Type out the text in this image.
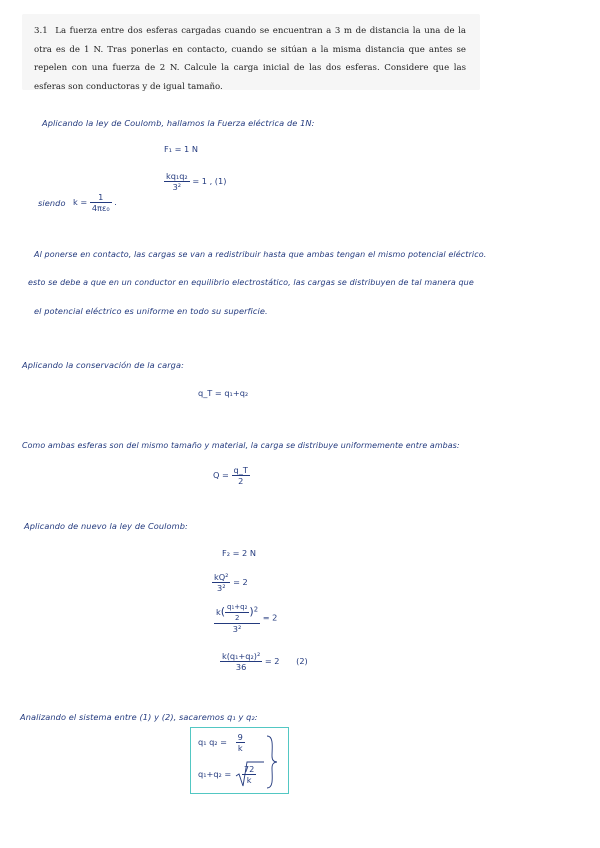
3.1 La fuerza entre dos esferas cargadas cuando se encuentran a 3 m de distancia la una de la otra es de 1 N. Tras ponerlas en contacto, cuando se sitúan a la misma distancia que antes se repelen con una fuerza de 2 N. Calcule la carga inicial de las dos esferas. Considere que las esferas son conductoras y de igual tamaño.

Aplicando la ley de Coulomb, hallamos la Fuerza eléctrica de 1N:
F₁ = 1 N
$\frac{\text{kq₁q₂}}{\text{3²}} = 1$ , (1)
siendo $k = \frac{1}{\text{4πε₀}}$ .
Al ponerse en contacto, las cargas se van a redistribuir hasta que ambas tengan el mismo potencial eléctrico.
esto se debe a que en un conductor en equilibrio electrostático, las cargas se distribuyen de tal manera que
el potencial eléctrico es uniforme en todo su superficie.
Aplicando la conservación de la carga:
q_T = q₁+q₂
Como ambas esferas son del mismo tamaño y material, la carga se distribuye uniformemente entre ambas:
$Q = \frac{q\_T}{2}$
Aplicando de nuevo la ley de Coulomb:
F₂ = 2 N
$\frac{\text{kQ²}}{\text{3²}} = 2$
$\frac{k( \frac{\text{q₁+q₂}}{2} )^2}{\text{3²}} = 2$
$\frac{\text{k(q₁+q₂)²}}{36} = 2$ (2)
Analizando el sistema entre (1) y (2), sacaremos q₁ y q₂:
q₁ $q_2 = \frac{9}{k}$
$q_1+q_2 = \frac{72}{k}$
